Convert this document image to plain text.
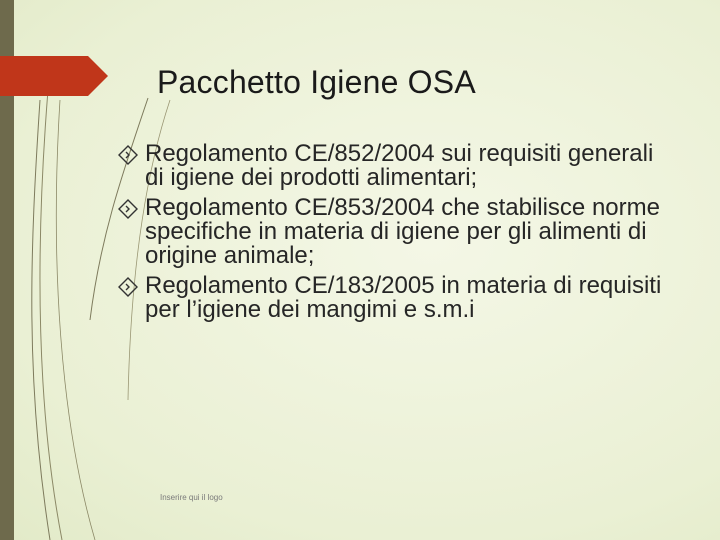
Pacchetto Igiene OSA
Regolamento CE/852/2004 sui requisiti generali di igiene dei prodotti alimentari;
Regolamento CE/853/2004 che stabilisce norme specifiche in materia di igiene per gli alimenti di origine animale;
Regolamento CE/183/2005 in materia di requisiti per l’igiene dei mangimi e s.m.i
Inserire qui il logo
